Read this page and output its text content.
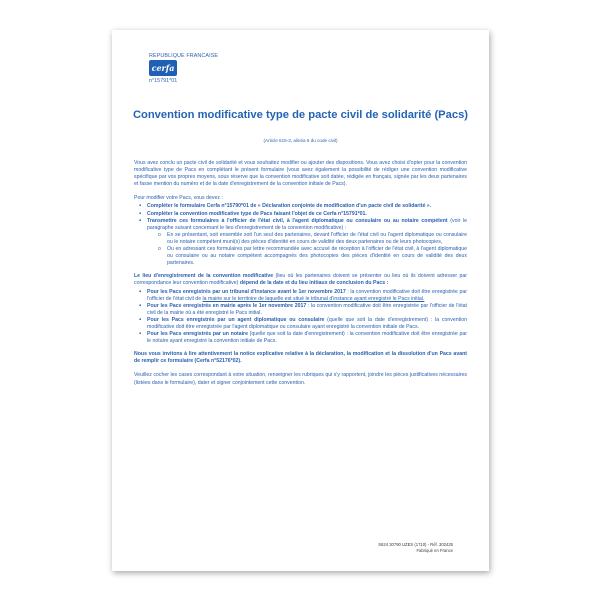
REPUBLIQUE FRANCAISE
cerfa
n°15791*01
Convention modificative type de pacte civil de solidarité (Pacs)
(Article 515-3, alinéa 6 du code civil)

Vous avez conclu un pacte civil de solidarité et vous souhaitez modifier ou ajouter des dispositions. Vous avez choisi d'opter pour la convention modificative type de Pacs en complétant le présent formulaire (vous avez également la possibilité de rédiger une convention modificative spécifique par vos propres moyens, sous réserve que la convention modificative soit datée, rédigée en français, signée par les deux partenaires et fasse mention du numéro et de la date d'enregistrement de la convention initiale de Pacs).

Pour modifier votre Pacs, vous devez :

▪ Compléter le formulaire Cerfa n°15790*01 de « Déclaration conjointe de modification d'un pacte civil de solidarité ».
▪ Compléter la convention modificative type de Pacs faisant l'objet de ce Cerfa n°15791*01.
▪ Transmettre ces formulaires à l'officier de l'état civil, à l'agent diplomatique ou consulaire ou au notaire compétent (voir le paragraphe suivant concernant le lieu d'enregistrement de la convention modificative) :
o En se présentant, soit ensemble soit l'un seul des partenaires, devant l'officier de l'état civil ou l'agent diplomatique ou consulaire ou le notaire compétent muni(s) des pièces d'identité en cours de validité des deux partenaires ou de leurs photocopies,
o Ou en adressant ces formulaires par lettre recommandée avec accusé de réception à l'officier de l'état civil, à l'agent diplomatique ou consulaire ou au notaire compétent accompagnés des photocopies des pièces d'identité en cours de validité des deux partenaires.

Le lieu d'enregistrement de la convention modificative (lieu où les partenaires doivent se présenter ou lieu où ils doivent adresser par correspondance leur convention modificative) dépend de la date et du lieu initiaux de conclusion du Pacs :

▪ Pour les Pacs enregistrés par un tribunal d'instance avant le 1er novembre 2017 : la convention modificative doit être enregistrée par l'officier de l'état civil de la mairie sur le territoire de laquelle est situé le tribunal d'instance ayant enregistré le Pacs initial.
▪ Pour les Pacs enregistrés en mairie après le 1er novembre 2017 : la convention modificative doit être enregistrée par l'officier de l'état civil de la mairie où a été enregistré le Pacs initial.
▪ Pour les Pacs enregistrés par un agent diplomatique ou consulaire (quelle que soit la date d'enregistrement) : la convention modificative doit être enregistrée par l'agent diplomatique ou consulaire ayant enregistré la convention initiale de Pacs.
▪ Pour les Pacs enregistrés par un notaire (quelle que soit la date d'enregistrement) : la convention modificative doit être enregistrée par le notaire ayant enregistré la convention initiale de Pacs.

Nous vous invitons à lire attentivement la notice explicative relative à la déclaration, la modification et la dissolution d'un Pacs avant de remplir ce formulaire (Cerfa n°52176*02).

Veuillez cocher les cases correspondant à votre situation, renseigner les rubriques qui s'y rapportent, joindre les pièces justificatives nécessaires (listées dans le formulaire), dater et signer conjointement cette convention.

S624 30790 UZES (1710) - Réf. 302425
Fabriqué en France
